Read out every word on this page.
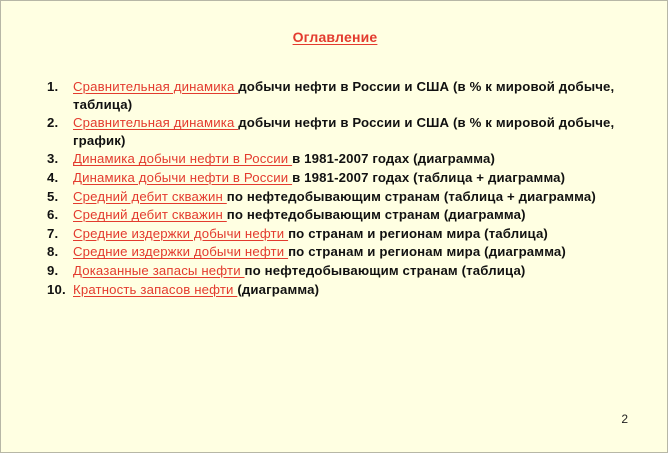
Оглавление
1. Сравнительная динамика добычи нефти в России и США (в % к мировой добыче, таблица)
2. Сравнительная динамика добычи нефти в России и США (в % к мировой добыче, график)
3. Динамика добычи нефти в России в 1981-2007 годах (диаграмма)
4. Динамика добычи нефти в России в 1981-2007 годах (таблица + диаграмма)
5. Средний дебит скважин по нефтедобывающим странам (таблица + диаграмма)
6. Средний дебит скважин по нефтедобывающим странам (диаграмма)
7. Средние издержки добычи нефти по странам и регионам мира (таблица)
8. Средние издержки добычи нефти по странам и регионам мира (диаграмма)
9. Доказанные запасы нефти по нефтедобывающим странам (таблица)
10. Кратность запасов нефти (диаграмма)
2
